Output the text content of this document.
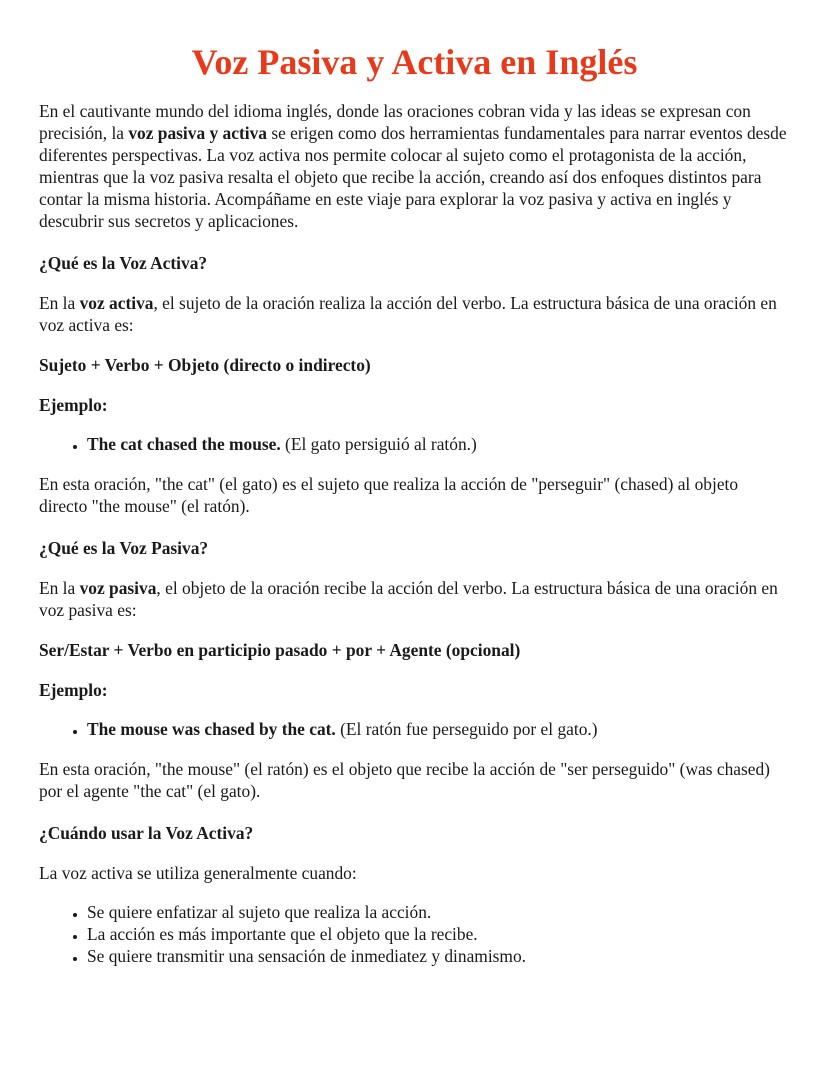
Voz Pasiva y Activa en Inglés

En el cautivante mundo del idioma inglés, donde las oraciones cobran vida y las ideas se expresan con precisión, la voz pasiva y activa se erigen como dos herramientas fundamentales para narrar eventos desde diferentes perspectivas. La voz activa nos permite colocar al sujeto como el protagonista de la acción, mientras que la voz pasiva resalta el objeto que recibe la acción, creando así dos enfoques distintos para contar la misma historia. Acompáñame en este viaje para explorar la voz pasiva y activa en inglés y descubrir sus secretos y aplicaciones.

¿Qué es la Voz Activa?

En la voz activa, el sujeto de la oración realiza la acción del verbo. La estructura básica de una oración en voz activa es:

Sujeto + Verbo + Objeto (directo o indirecto)

Ejemplo:

• The cat chased the mouse. (El gato persiguió al ratón.)

En esta oración, "the cat" (el gato) es el sujeto que realiza la acción de "perseguir" (chased) al objeto directo "the mouse" (el ratón).

¿Qué es la Voz Pasiva?

En la voz pasiva, el objeto de la oración recibe la acción del verbo. La estructura básica de una oración en voz pasiva es:

Ser/Estar + Verbo en participio pasado + por + Agente (opcional)

Ejemplo:

• The mouse was chased by the cat. (El ratón fue perseguido por el gato.)

En esta oración, "the mouse" (el ratón) es el objeto que recibe la acción de "ser perseguido" (was chased) por el agente "the cat" (el gato).

¿Cuándo usar la Voz Activa?

La voz activa se utiliza generalmente cuando:

• Se quiere enfatizar al sujeto que realiza la acción.
• La acción es más importante que el objeto que la recibe.
• Se quiere transmitir una sensación de inmediatez y dinamismo.
